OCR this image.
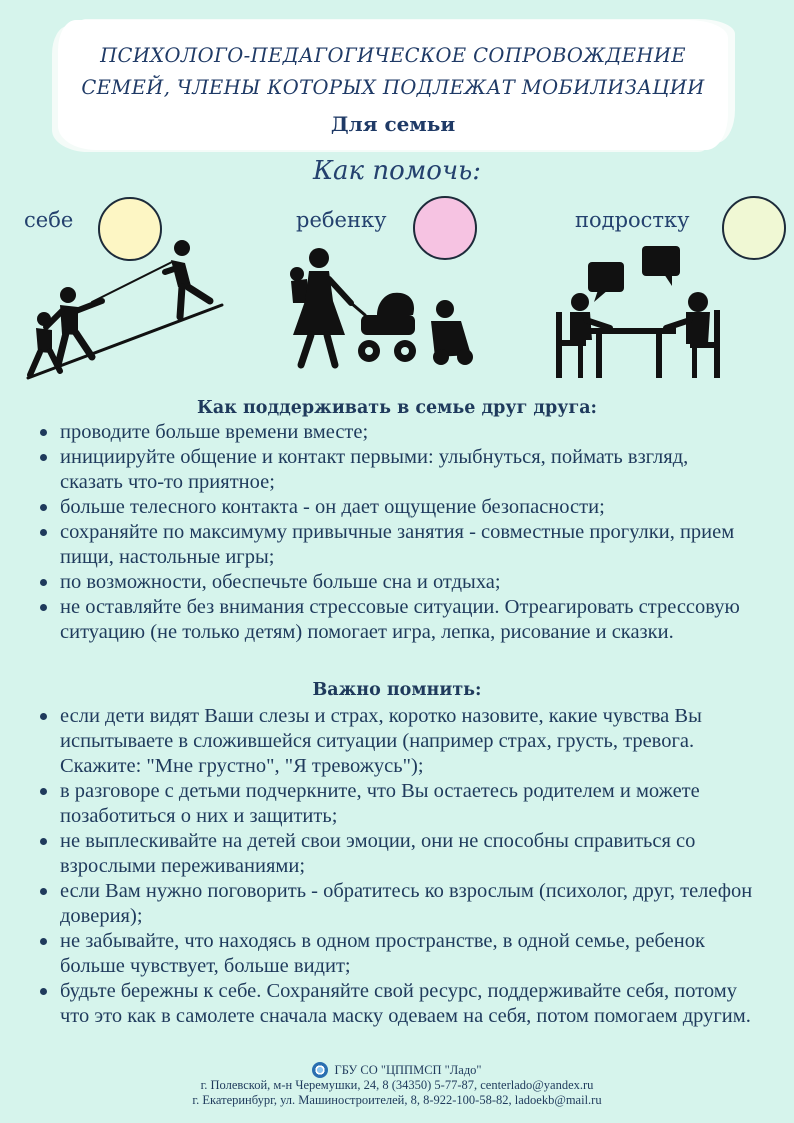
ПСИХОЛОГО-ПЕДАГОГИЧЕСКОЕ СОПРОВОЖДЕНИЕ
СЕМЕЙ, ЧЛЕНЫ КОТОРЫХ ПОДЛЕЖАТ МОБИЛИЗАЦИИ
Для семьи
Как помочь:
себе	ребенку	подростку
Как поддерживать в семье друг друга:
проводите больше времени вместе;
инициируйте общение и контакт первыми: улыбнуться, поймать взгляд, сказать что-то приятное;
больше телесного контакта - он дает ощущение безопасности;
сохраняйте по максимуму привычные занятия - совместные прогулки, прием пищи, настольные игры;
по возможности, обеспечьте больше сна и отдыха;
не оставляйте без внимания стрессовые ситуации. Отреагировать стрессовую ситуацию (не только детям) помогает игра, лепка, рисование и сказки.
Важно помнить:
если дети видят Ваши слезы и страх, коротко назовите, какие чувства Вы испытываете в сложившейся ситуации (например страх, грусть, тревога. Скажите: "Мне грустно", "Я тревожусь");
в разговоре с детьми подчеркните, что Вы остаетесь родителем и можете позаботиться о них и защитить;
не выплескивайте на детей свои эмоции, они не способны справиться со взрослыми переживаниями;
если Вам нужно поговорить - обратитесь ко взрослым (психолог, друг, телефон доверия);
не забывайте, что находясь в одном пространстве, в одной семье, ребенок больше чувствует, больше видит;
будьте бережны к себе. Сохраняйте свой ресурс, поддерживайте себя, потому что это как в самолете сначала маску одеваем на себя, потом помогаем другим.
ГБУ СО "ЦППМСП "Ладо"
г. Полевской, м-н Черемушки, 24, 8 (34350) 5-77-87, centerlado@yandex.ru
г. Екатеринбург, ул. Машиностроителей, 8, 8-922-100-58-82, ladoekb@mail.ru
